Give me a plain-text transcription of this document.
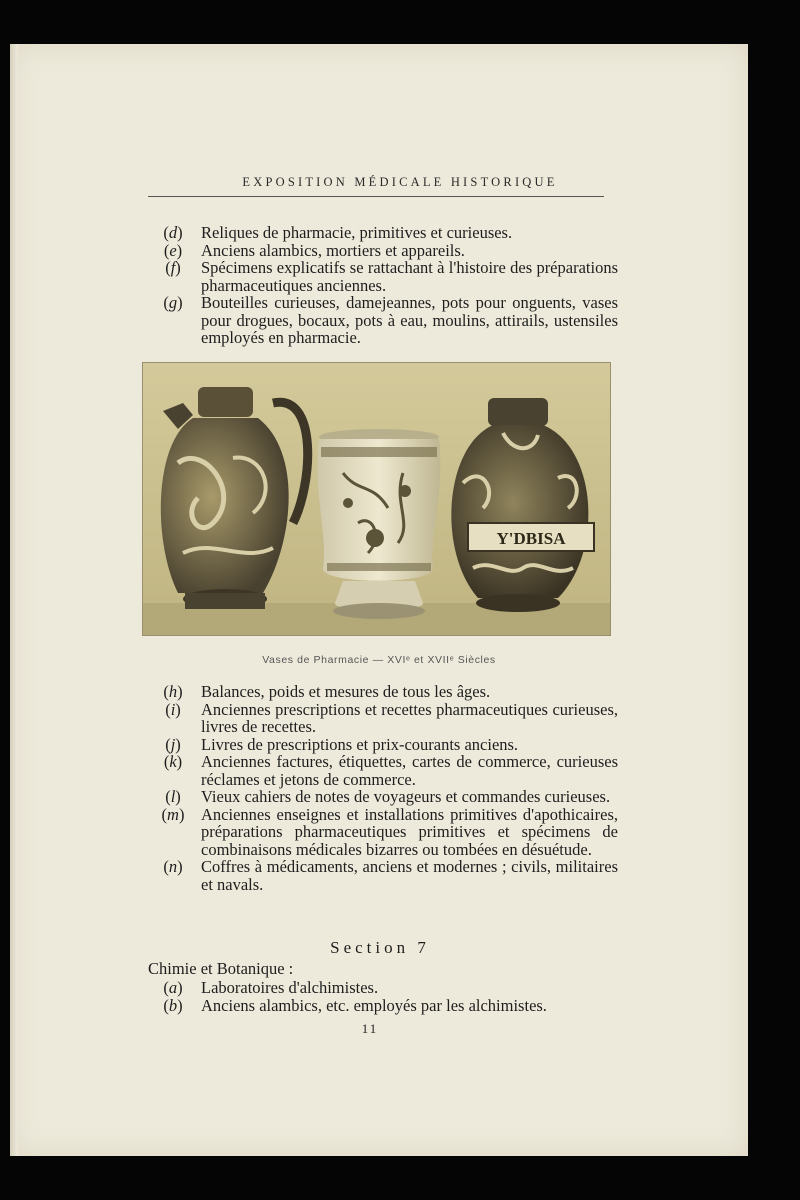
EXPOSITION MÉDICALE HISTORIQUE
(d)	Reliques de pharmacie, primitives et curieuses.
(e)	Anciens alambics, mortiers et appareils.
(f)	Spécimens explicatifs se rattachant à l'histoire des préparations pharmaceutiques anciennes.
(g)	Bouteilles curieuses, damejeannes, pots pour onguents, vases pour drogues, bocaux, pots à eau, moulins, attirails, ustensiles employés en pharmacie.
Y'DBISA
Vases de Pharmacie — XVIᵉ et XVIIᵉ Siècles
(h)	Balances, poids et mesures de tous les âges.
(i)	Anciennes prescriptions et recettes pharmaceutiques curieuses, livres de recettes.
(j)	Livres de prescriptions et prix-courants anciens.
(k)	Anciennes factures, étiquettes, cartes de commerce, curieuses réclames et jetons de commerce.
(l)	Vieux cahiers de notes de voyageurs et commandes curieuses.
(m)	Anciennes enseignes et installations primitives d'apothicaires, préparations pharmaceutiques primitives et spécimens de combinaisons médicales bizarres ou tombées en désuétude.
(n)	Coffres à médicaments, anciens et modernes ; civils, militaires et navals.
Section 7
Chimie et Botanique :
(a)	Laboratoires d'alchimistes.
(b)	Anciens alambics, etc. employés par les alchimistes.
11
